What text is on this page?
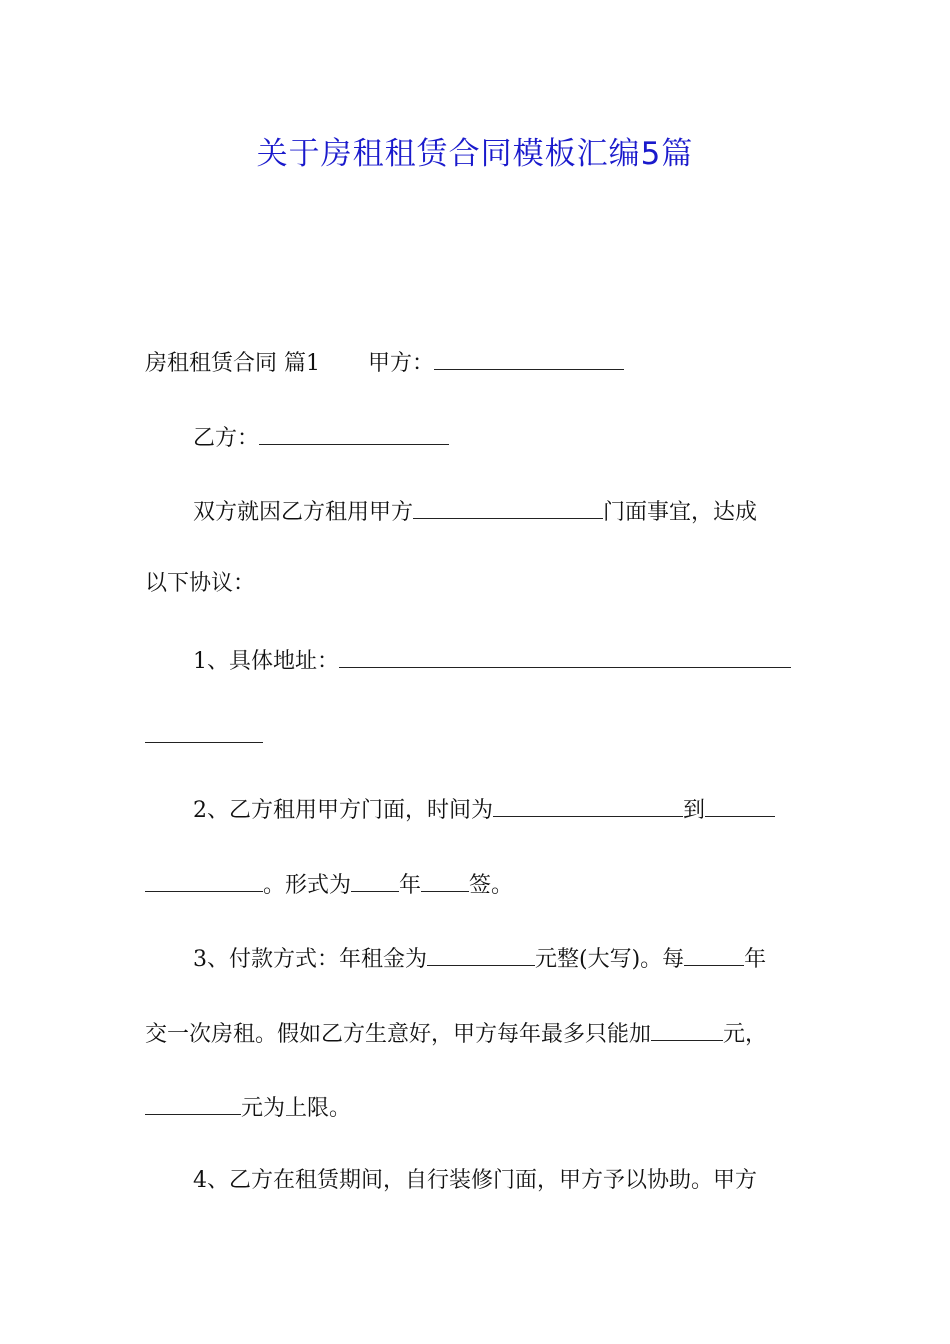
关于房租租赁合同模板汇编5篇
房租租赁合同 篇1 甲方：
乙方：
双方就因乙方租用甲方	门面事宜，达成
以下协议：
1、具体地址：
2、乙方租用甲方门面，时间为	到
。形式为 年 签。
3、付款方式：年租金为	元整(大写)。每	年
交一次房租。假如乙方生意好，甲方每年最多只能加	元，
元为上限。
4、乙方在租赁期间，自行装修门面，甲方予以协助。甲方
